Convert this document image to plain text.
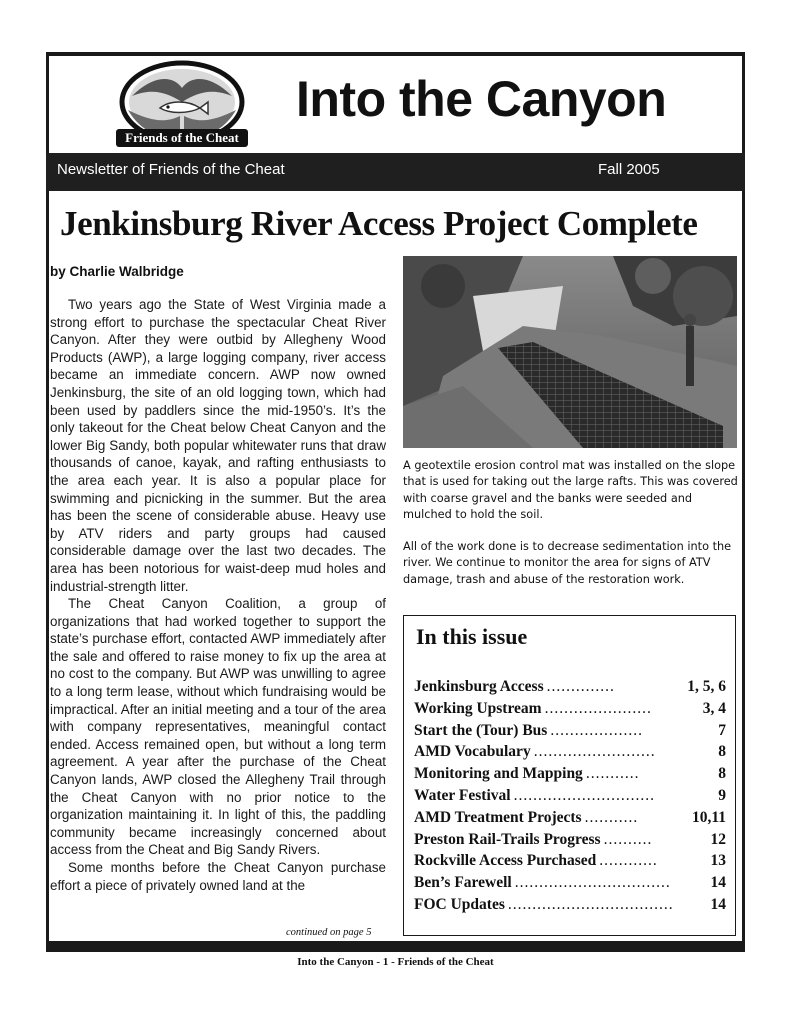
Friends of the Cheat
Into the Canyon
Newsletter of Friends of the Cheat	Fall 2005
Jenkinsburg River Access Project Complete
by Charlie Walbridge

Two years ago the State of West Virginia made a strong effort to purchase the spectacular Cheat River Canyon. After they were outbid by Allegheny Wood Products (AWP), a large logging company, river access became an immediate concern. AWP now owned Jenkinsburg, the site of an old logging town, which had been used by paddlers since the mid-1950’s. It’s the only takeout for the Cheat below Cheat Canyon and the lower Big Sandy, both popular whitewater runs that draw thousands of canoe, kayak, and rafting enthusiasts to the area each year. It is also a popular place for swimming and picnicking in the summer. But the area has been the scene of considerable abuse. Heavy use by ATV riders and party groups had caused considerable damage over the last two decades. The area has been notorious for waist-deep mud holes and industrial-strength litter.

The Cheat Canyon Coalition, a group of organizations that had worked together to support the state’s purchase effort, contacted AWP immediately after the sale and offered to raise money to fix up the area at no cost to the company. But AWP was unwilling to agree to a long term lease, without which fundraising would be impractical. After an initial meeting and a tour of the area with company representatives, meaningful contact ended. Access remained open, but without a long term agreement. A year after the purchase of the Cheat Canyon lands, AWP closed the Allegheny Trail through the Cheat Canyon with no prior notice to the organization maintaining it. In light of this, the paddling community became increasingly concerned about access from the Cheat and Big Sandy Rivers.

Some months before the Cheat Canyon purchase effort a piece of privately owned land at the

continued on page 5

A geotextile erosion control mat was installed on the slope that is used for taking out the large rafts. This was covered with coarse gravel and the banks were seeded and mulched to hold the soil.

All of the work done is to decrease sedimentation into the river. We continue to monitor the area for signs of ATV damage, trash and abuse of the restoration work.

In this issue
Jenkinsburg Access ..............	1, 5, 6
Working Upstream ......................	3, 4
Start the (Tour) Bus ...................	7
AMD Vocabulary .........................	8
Monitoring and Mapping ...........	8
Water Festival .............................	9
AMD Treatment Projects ...........	10,11
Preston Rail-Trails Progress ..........	12
Rockville Access Purchased ............	13
Ben’s Farewell ................................	14
FOC Updates ..................................	14
Into the Canyon - 1 - Friends of the Cheat
